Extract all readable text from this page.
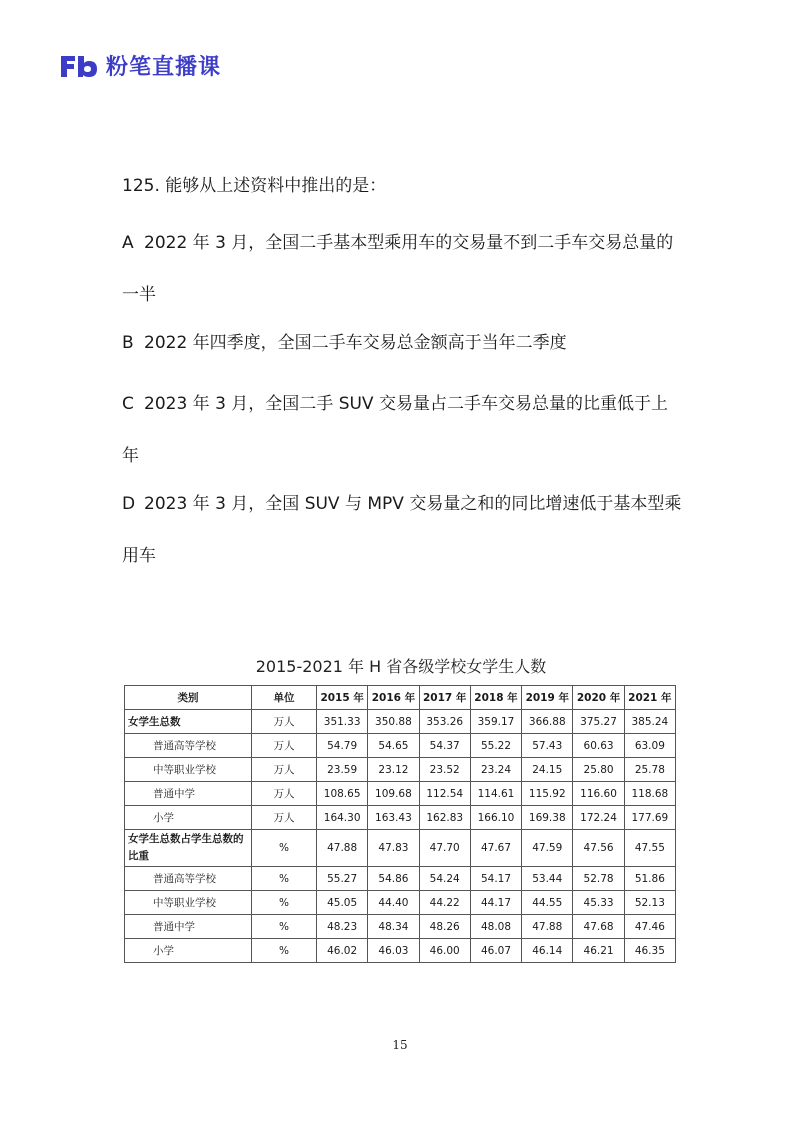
粉笔直播课
125. 能够从上述资料中推出的是：
A 2022 年 3 月，全国二手基本型乘用车的交易量不到二手车交易总量的一半
B 2022 年四季度，全国二手车交易总金额高于当年二季度
C 2023 年 3 月，全国二手 SUV 交易量占二手车交易总量的比重低于上年
D 2023 年 3 月，全国 SUV 与 MPV 交易量之和的同比增速低于基本型乘用车
2015-2021 年 H 省各级学校女学生人数
类别	单位	2015 年	2016 年	2017 年	2018 年	2019 年	2020 年	2021 年
女学生总数	万人	351.33	350.88	353.26	359.17	366.88	375.27	385.24
普通高等学校	万人	54.79	54.65	54.37	55.22	57.43	60.63	63.09
中等职业学校	万人	23.59	23.12	23.52	23.24	24.15	25.80	25.78
普通中学	万人	108.65	109.68	112.54	114.61	115.92	116.60	118.68
小学	万人	164.30	163.43	162.83	166.10	169.38	172.24	177.69
女学生总数占学生总数的比重	%	47.88	47.83	47.70	47.67	47.59	47.56	47.55
普通高等学校	%	55.27	54.86	54.24	54.17	53.44	52.78	51.86
中等职业学校	%	45.05	44.40	44.22	44.17	44.55	45.33	52.13
普通中学	%	48.23	48.34	48.26	48.08	47.88	47.68	47.46
小学	%	46.02	46.03	46.00	46.07	46.14	46.21	46.35
15
